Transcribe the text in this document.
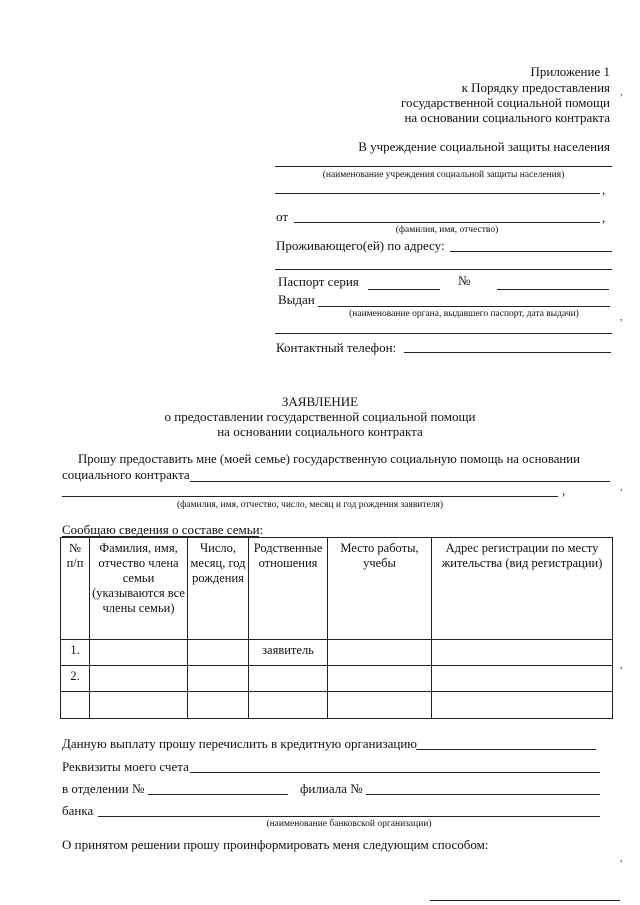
Приложение 1
к Порядку предоставления
государственной социальной помощи
на основании социального контракта
В учреждение социальной защиты населения
(наименование учреждения социальной защиты населения)
,
от	,
(фамилия, имя, отчество)
Проживающего(ей) по адресу:
Паспорт серия	№
Выдан
(наименование органа, выдавшего паспорт, дата выдачи)
Контактный телефон:
ЗАЯВЛЕНИЕ
о предоставлении государственной социальной помощи
на основании социального контракта
Прошу предоставить мне (моей семье) государственную социальную помощь на основании
социального контракта
,
(фамилия, имя, отчество, число, месяц и год рождения заявителя)
Сообщаю сведения о составе семьи:
№ п/п	Фамилия, имя, отчество члена семьи (указываются все члены семьи)	Число, месяц, год рождения	Родственные отношения	Место работы, учебы	Адрес регистрации по месту жительства (вид регистрации)
1.			заявитель		
2.					

Данную выплату прошу перечислить в кредитную организацию
Реквизиты моего счета
в отделении №	филиала №
банка
(наименование банковской организации)
О принятом решении прошу проинформировать меня следующим способом:
,
,
,
,
,
